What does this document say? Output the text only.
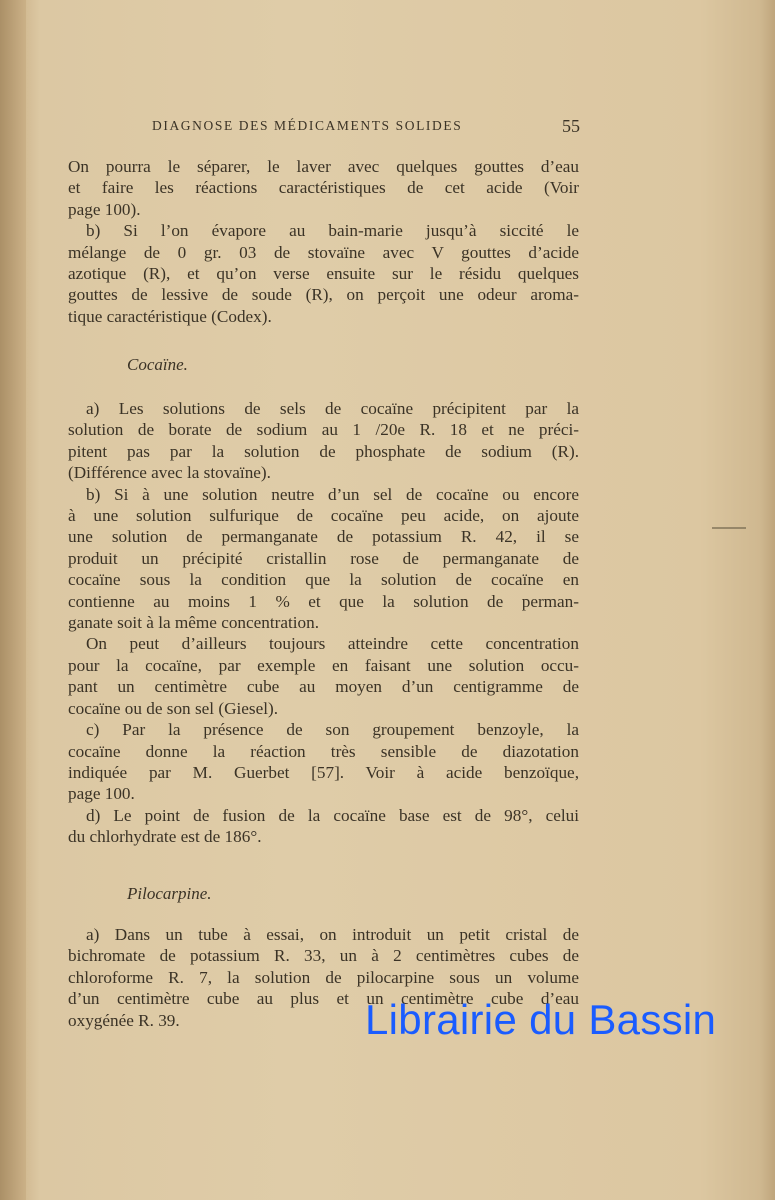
DIAGNOSE DES MÉDICAMENTS SOLIDES	55
On pourra le séparer, le laver avec quelques gouttes d’eau
et faire les réactions caractéristiques de cet acide (Voir
page 100).
b) Si l’on évapore au bain-marie jusqu’à siccité le
mélange de 0 gr. 03 de stovaïne avec V gouttes d’acide
azotique (R), et qu’on verse ensuite sur le résidu quelques
gouttes de lessive de soude (R), on perçoit une odeur aroma-
tique caractéristique (Codex).
Cocaïne.
a) Les solutions de sels de cocaïne précipitent par la
solution de borate de sodium au 1 /20e R. 18 et ne préci-
pitent pas par la solution de phosphate de sodium (R).
(Différence avec la stovaïne).
b) Si à une solution neutre d’un sel de cocaïne ou encore
à une solution sulfurique de cocaïne peu acide, on ajoute
une solution de permanganate de potassium R. 42, il se
produit un précipité cristallin rose de permanganate de
cocaïne sous la condition que la solution de cocaïne en
contienne au moins 1 % et que la solution de perman-
ganate soit à la même concentration.
On peut d’ailleurs toujours atteindre cette concentration
pour la cocaïne, par exemple en faisant une solution occu-
pant un centimètre cube au moyen d’un centigramme de
cocaïne ou de son sel (Giesel).
c) Par la présence de son groupement benzoyle, la
cocaïne donne la réaction très sensible de diazotation
indiquée par M. Guerbet [57]. Voir à acide benzoïque,
page 100.
d) Le point de fusion de la cocaïne base est de 98°, celui
du chlorhydrate est de 186°.
Pilocarpine.
a) Dans un tube à essai, on introduit un petit cristal de
bichromate de potassium R. 33, un à 2 centimètres cubes de
chloroforme R. 7, la solution de pilocarpine sous un volume
d’un centimètre cube au plus et un centimètre cube d’eau
oxygénée R. 39.	Librairie du Bassin
